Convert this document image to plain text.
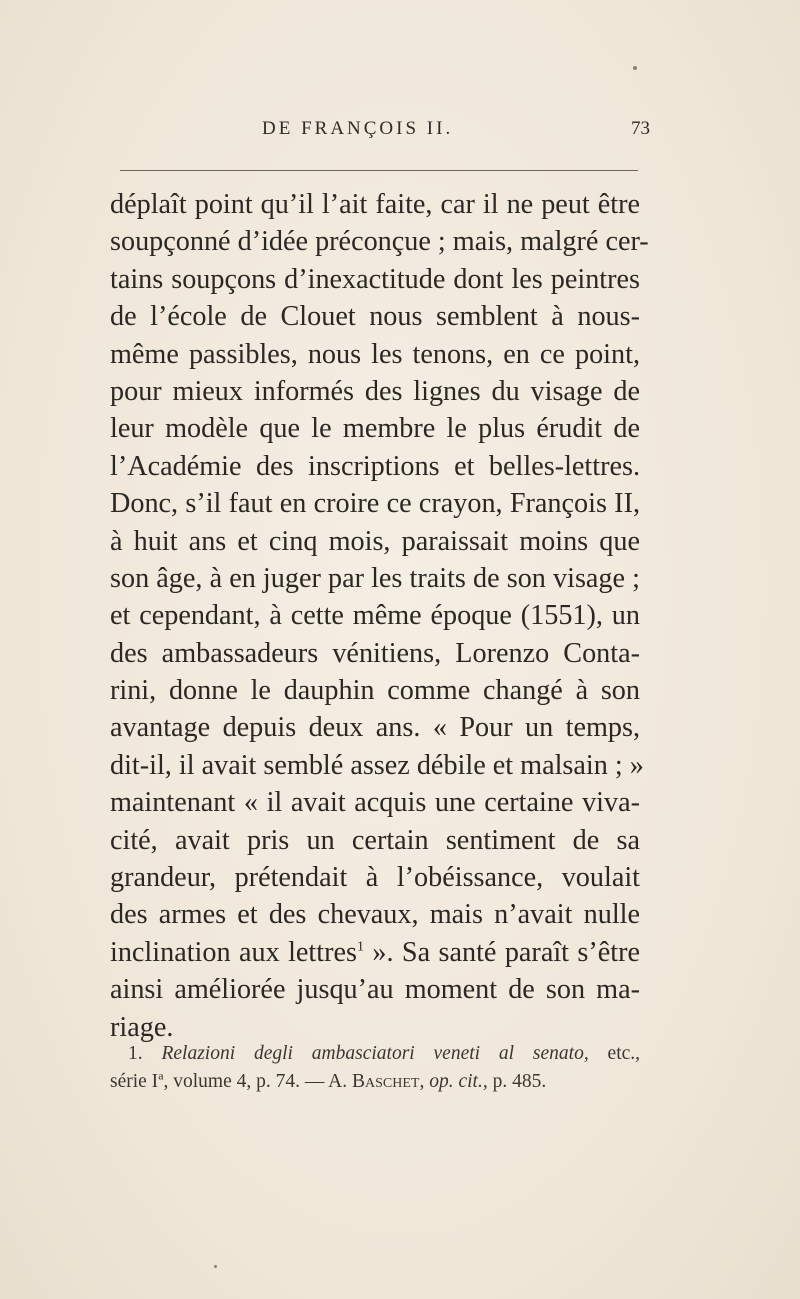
DE FRANÇOIS II.	73
déplaît point qu’il l’ait faite, car il ne peut être
soupçonné d’idée préconçue ; mais, malgré cer-
tains soupçons d’inexactitude dont les peintres
de l’école de Clouet nous semblent à nous-
même passibles, nous les tenons, en ce point,
pour mieux informés des lignes du visage de
leur modèle que le membre le plus érudit de
l’Académie des inscriptions et belles-lettres.
Donc, s’il faut en croire ce crayon, François II,
à huit ans et cinq mois, paraissait moins que
son âge, à en juger par les traits de son visage ;
et cependant, à cette même époque (1551), un
des ambassadeurs vénitiens, Lorenzo Conta-
rini, donne le dauphin comme changé à son
avantage depuis deux ans. « Pour un temps,
dit-il, il avait semblé assez débile et malsain ; »
maintenant « il avait acquis une certaine viva-
cité, avait pris un certain sentiment de sa
grandeur, prétendait à l’obéissance, voulait
des armes et des chevaux, mais n’avait nulle
inclination aux lettres$^1$ ». Sa santé paraît s’être
ainsi améliorée jusqu’au moment de son ma-
riage.
1. Relazioni degli ambasciatori veneti al senato, etc.,
série $I^a$, volume 4, p. 74. — A. Baschet, op. cit., p. 485.
